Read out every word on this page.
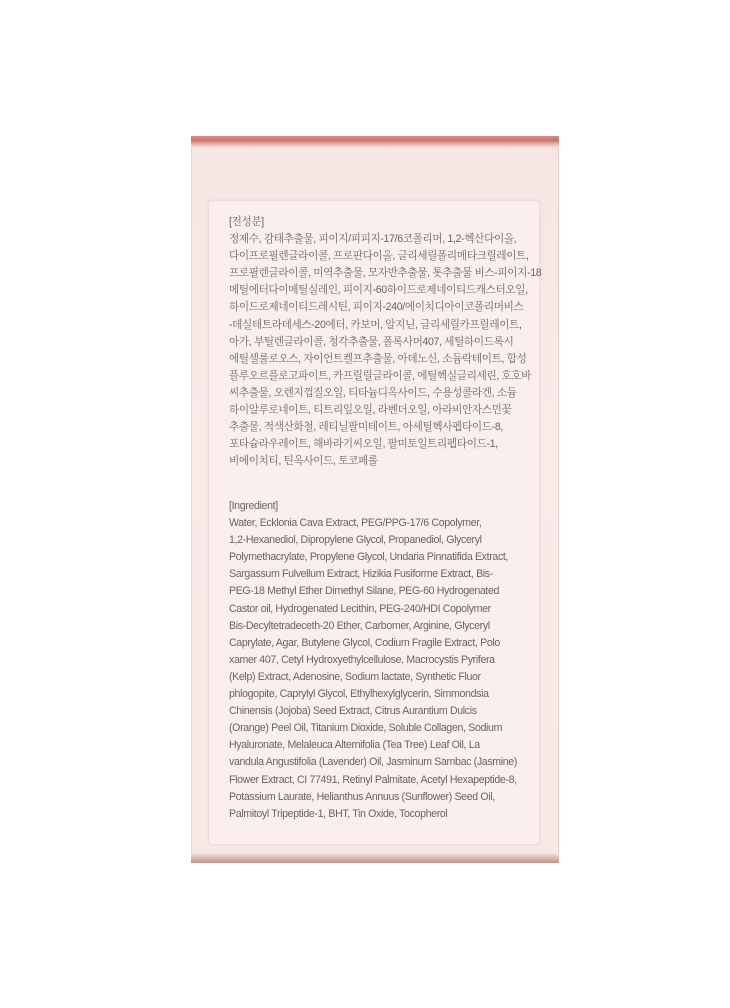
[전성분]
정제수, 감태추출물, 피이지/피피지-17/6코폴리머, 1,2-헥산다이올,
다이프로필렌글라이콜, 프로판다이올, 글리세릴폴리메타크릴레이트,
프로필렌글라이콜, 미역추출물, 모자반추출물, 톳추출물 비스-피이지-18
메틸에터다이메틸실레인, 피이지-60하이드로제네이티드캐스터오일,
하이드로제네이티드레시틴, 피이지-240/에이치디아이코폴리머비스
-데실테트라데세스-20에터, 카보머, 알지닌, 글리세릴카프릴레이트,
아가, 부틸렌글라이콜, 청각추출물, 폴록사머407, 세틸하이드록시
에틸셀룰로오스, 자이언트켈프추출물, 아데노신, 소듐락테이트, 합성
플루오르플로고파이트, 카프릴릴글라이콜, 에틸헥실글리세린, 호호바
씨추출물, 오렌지껍질오일, 티타늄디옥사이드, 수용성콜라겐, 소듐
하이알루로네이트, 티트리잎오일, 라벤더오일, 아라비안자스민꽃
추출물, 적색산화철, 레티닐팔미테이트, 아세틸헥사펩타이드-8,
포타슘라우레이트, 해바라기씨오일, 팔미토일트리펩타이드-1,
비에이치티, 틴옥사이드, 토코페롤
[Ingredient]
Water, Ecklonia Cava Extract, PEG/PPG-17/6 Copolymer,
1,2-Hexanediol, Dipropylene Glycol, Propanediol, Glyceryl
Polymethacrylate, Propylene Glycol, Undaria Pinnatifida Extract,
Sargassum Fulvellum Extract, Hizikia Fusiforme Extract, Bis-
PEG-18 Methyl Ether Dimethyl Silane, PEG-60 Hydrogenated
Castor oil, Hydrogenated Lecithin, PEG-240/HDI Copolymer
Bis-Decyltetradeceth-20 Ether, Carbomer, Arginine, Glyceryl
Caprylate, Agar, Butylene Glycol, Codium Fragile Extract, Polo
xamer 407, Cetyl Hydroxyethylcellulose, Macrocystis Pyrifera
(Kelp) Extract, Adenosine, Sodium lactate, Synthetic Fluor
phlogopite, Caprylyl Glycol, Ethylhexylglycerin, Simmondsia
Chinensis (Jojoba) Seed Extract, Citrus Aurantium Dulcis
(Orange) Peel Oil, Titanium Dioxide, Soluble Collagen, Sodium
Hyaluronate, Melaleuca Alternifolia (Tea Tree) Leaf Oil, La
vandula Angustifolia (Lavender) Oil, Jasminum Sambac (Jasmine)
Flower Extract, CI 77491, Retinyl Palmitate, Acetyl Hexapeptide-8,
Potassium Laurate, Helianthus Annuus (Sunflower) Seed Oil,
Palmitoyl Tripeptide-1, BHT, Tin Oxide, Tocopherol
